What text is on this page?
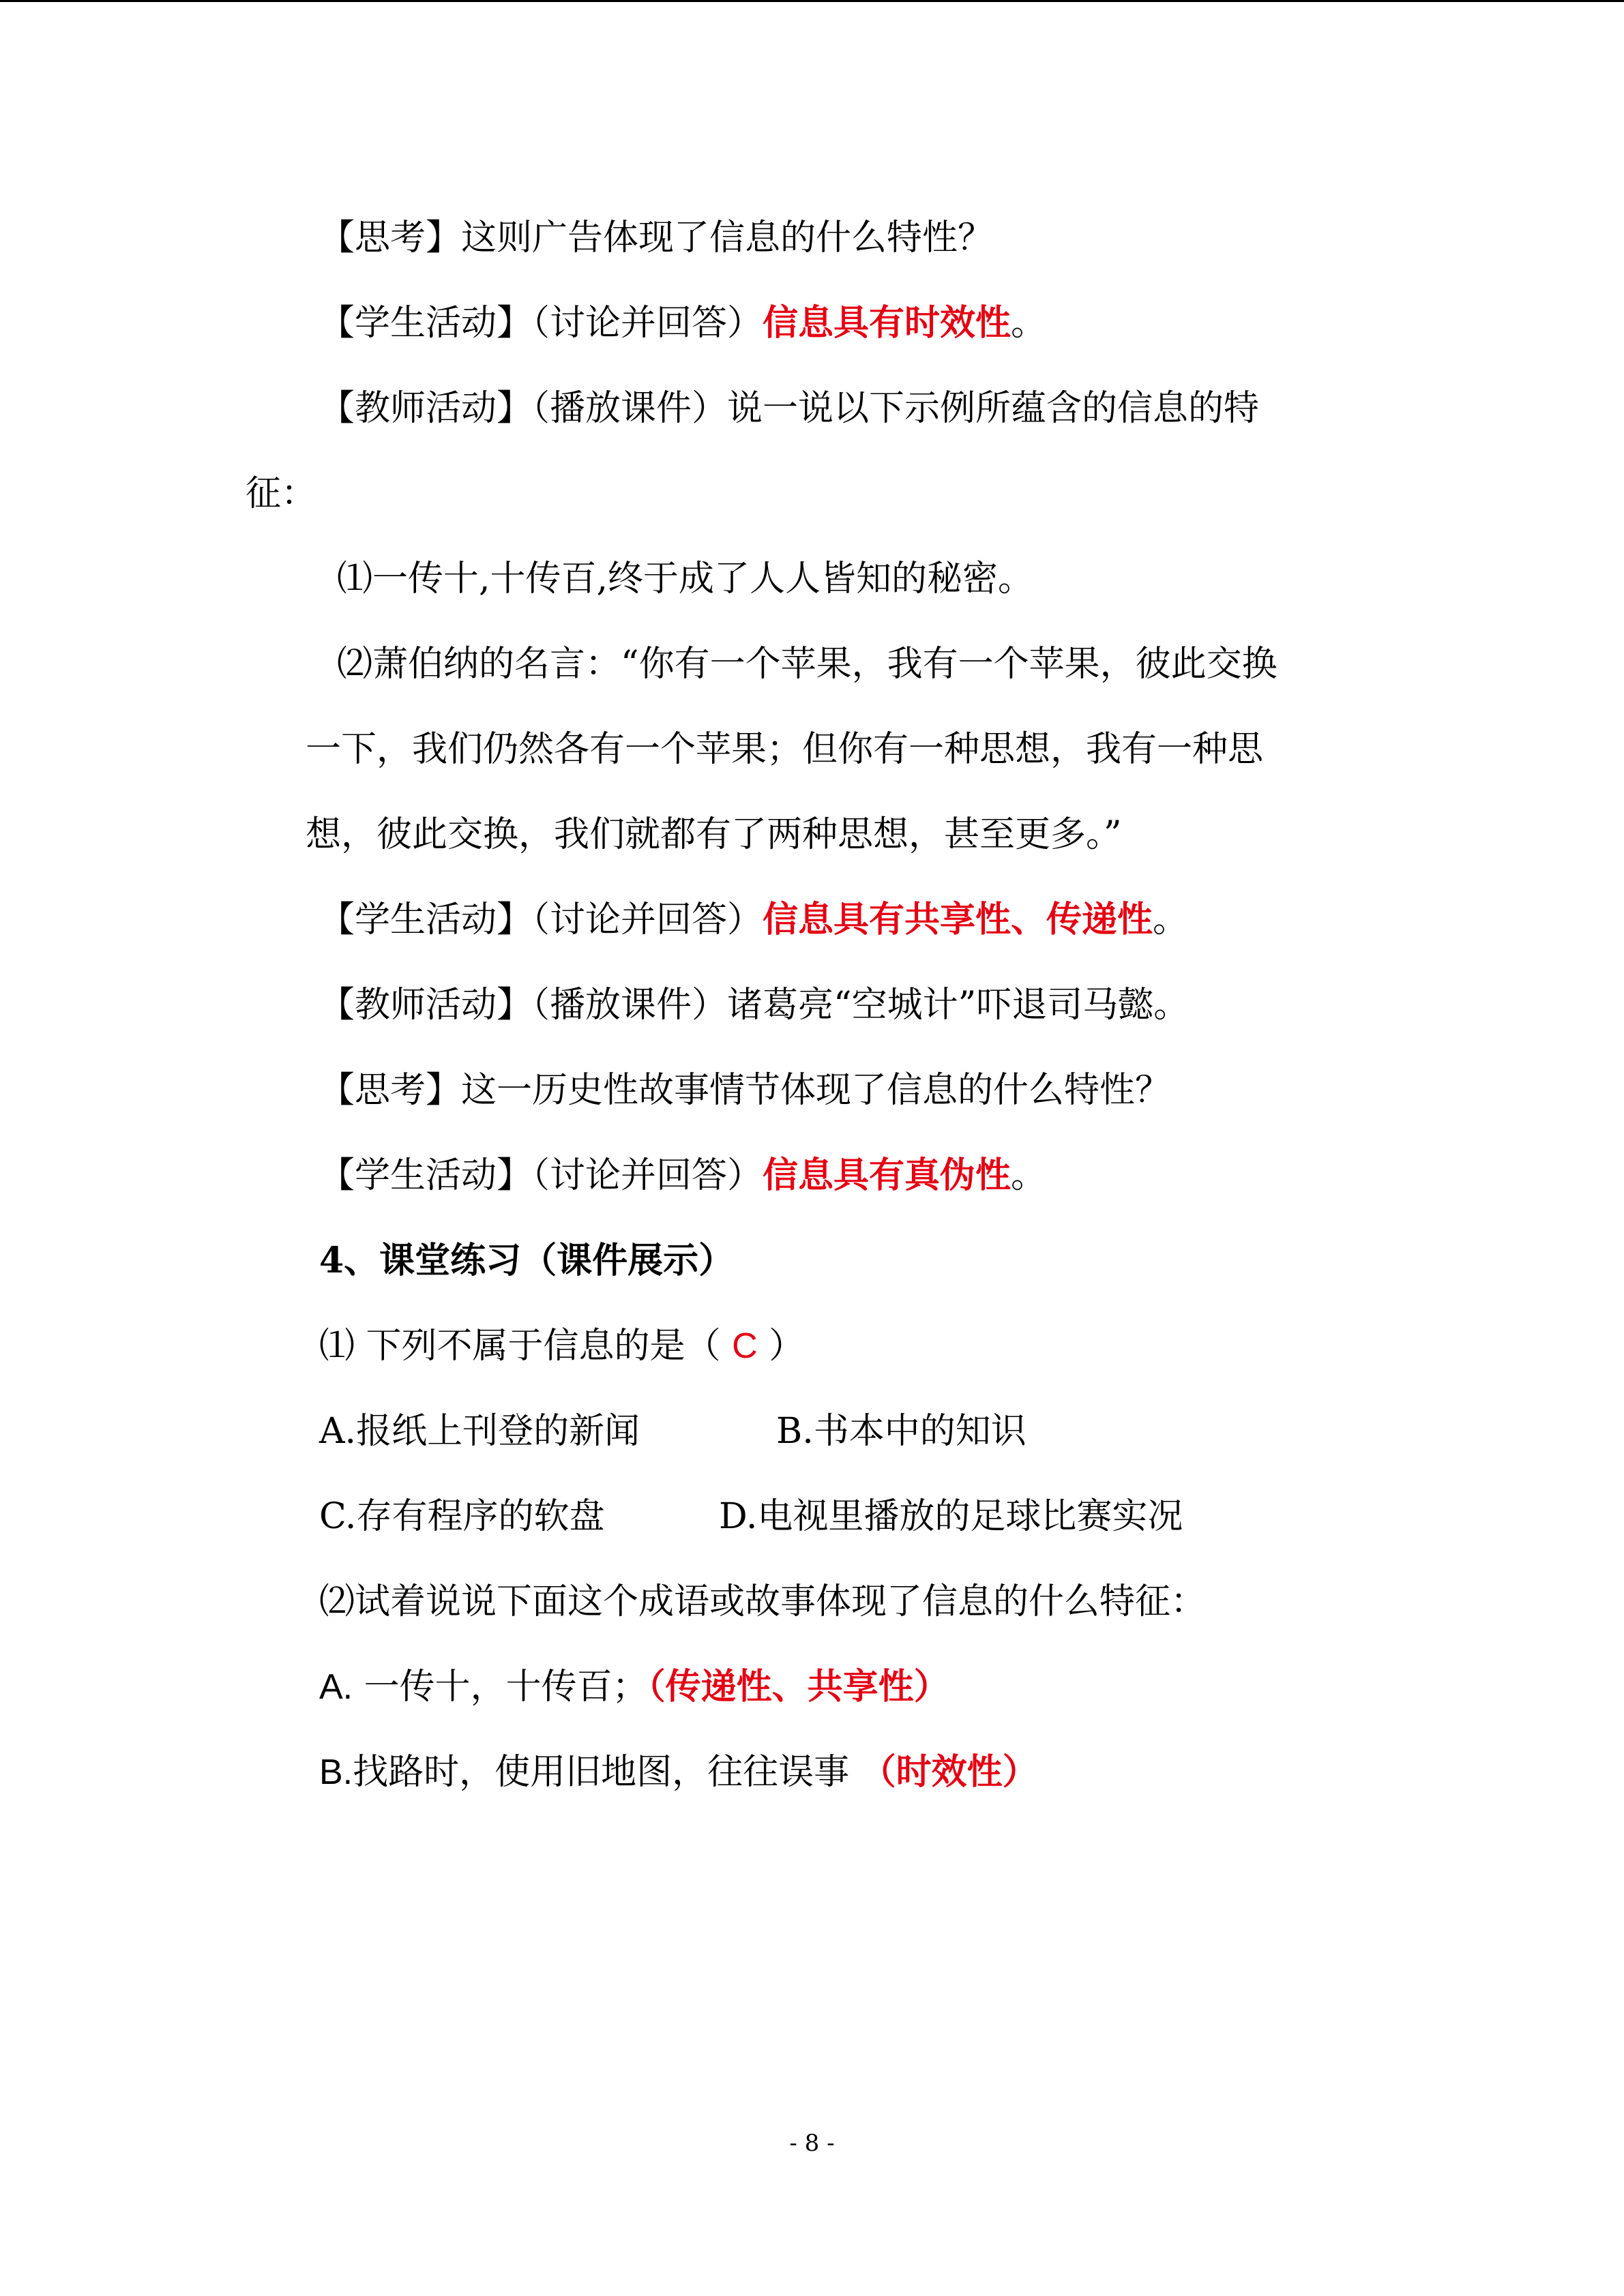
【思考】这则广告体现了信息的什么特性？
【学生活动】（讨论并回答）信息具有时效性。
【教师活动】（播放课件）说一说以下示例所蕴含的信息的特
征：
⑴一传十,十传百,终于成了人人皆知的秘密。
⑵萧伯纳的名言：“你有一个苹果，我有一个苹果，彼此交换
一下，我们仍然各有一个苹果；但你有一种思想，我有一种思
想，彼此交换，我们就都有了两种思想，甚至更多。”
【学生活动】（讨论并回答）信息具有共享性、传递性。
【教师活动】（播放课件）诸葛亮“空城计”吓退司马懿。
【思考】这一历史性故事情节体现了信息的什么特性？
【学生活动】（讨论并回答）信息具有真伪性。
4、课堂练习（课件展示）
⑴ 下列不属于信息的是（ C ）
A.报纸上刊登的新闻	B.书本中的知识
C.存有程序的软盘	D.电视里播放的足球比赛实况
⑵试着说说下面这个成语或故事体现了信息的什么特征：
A. 一传十，十传百；（传递性、共享性）
B.找路时，使用旧地图，往往误事 （时效性）
- 8 -
